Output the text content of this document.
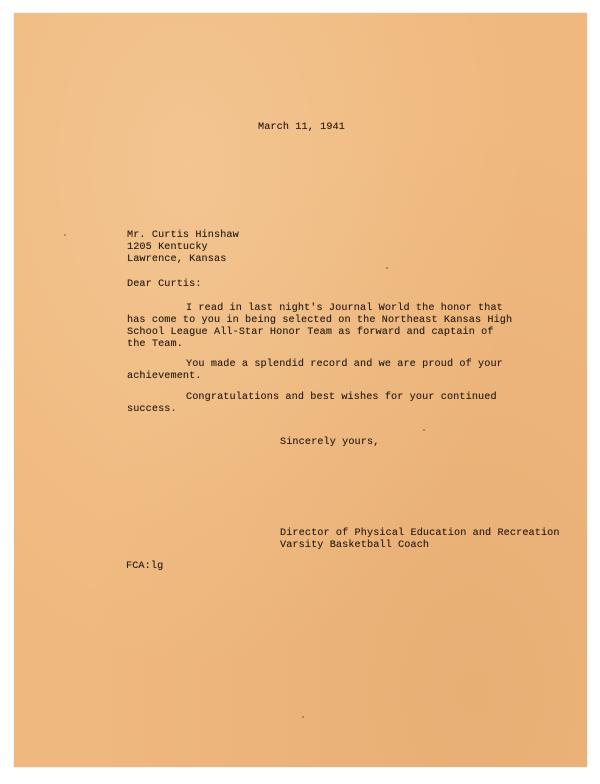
March 11, 1941
Mr. Curtis Hinshaw
1205 Kentucky
Lawrence, Kansas
Dear Curtis:
I read in last night's Journal World the honor that
has come to you in being selected on the Northeast Kansas High
School League All-Star Honor Team as forward and captain of
the Team.
You made a splendid record and we are proud of your
achievement.
Congratulations and best wishes for your continued
success.
Sincerely yours,
Director of Physical Education and Recreation
Varsity Basketball Coach
FCA:lg
